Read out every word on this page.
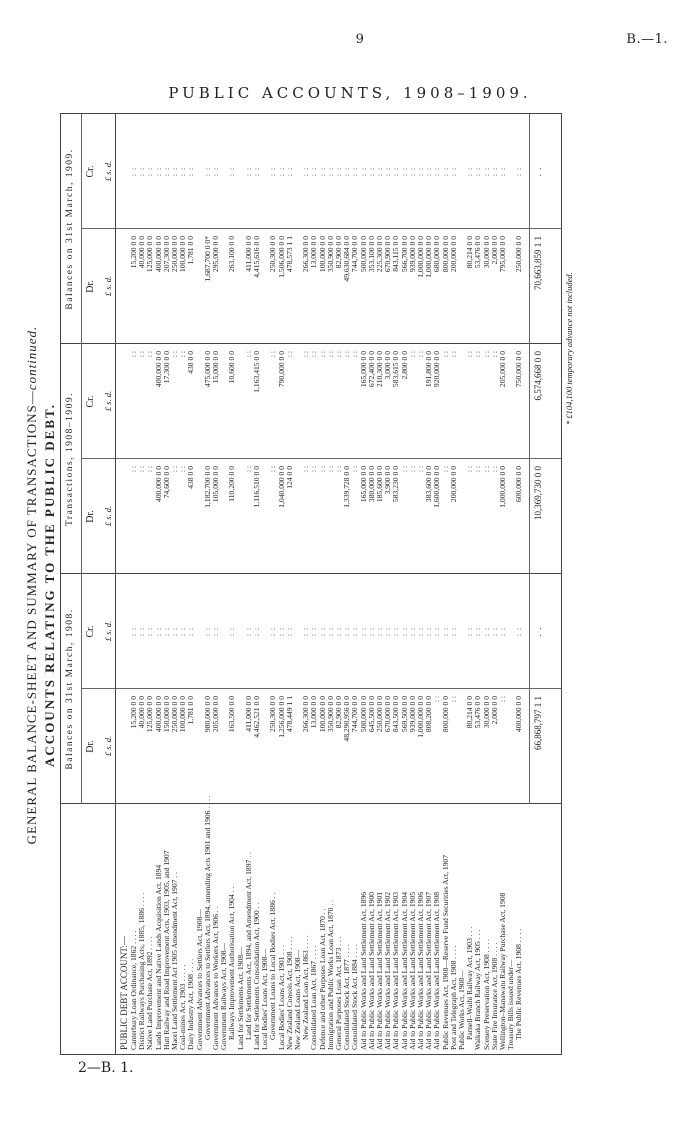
9	B.—1.
PUBLIC ACCOUNTS, 1908–1909.
2—B. 1.
GENERAL BALANCE-SHEET AND SUMMARY OF TRANSACTIONS—continued.
ACCOUNTS RELATING TO THE PUBLIC DEBT. Balances on 31st March, 1908.
Transactions, 1908–1909.
Balances on 31st March, 1909.
Dr.
Cr.
Dr.
Cr.
Dr.
Cr.
£ s. d.
£ s. d.
£ s. d.
£ s. d.
£ s. d.
£ s. d.
PUBLIC DEBT ACCOUNT:— Canterbury Loan Ordinance, 1862 . . . .
15,200 0 0
: :
: :
: :
15,200 0 0
: :
District Railways Purchasing Acts, 1885, 1886 . . . .
40,000 0 0
: :
: :
: :
40,000 0 0
: :
Native Land Purchase Act, 1892 . . . .
125,000 0 0
: :
: :
: :
125,000 0 0
: :
Lands Improvement and Native Lands Acquisition Act, 1894
400,000 0 0
: :
400,000 0 0
400,000 0 0
400,000 0 0
: :
Hutt Railway and Road Improvement Acts, 1903, 1905, and 1907
150,000 0 0
: :
74,600 0 0
17,300 0 0
207,300 0 0
: :
Maori Land Settlement Act 1905 Amendment Act, 1907 . .
250,000 0 0
: :
: :
: :
250,000 0 0
: :
Coal-mines Act, 1903 . . . . .
100,000 0 0
: :
: :
: :
100,000 0 0
: :
Dairy Industry Act, 1908 . . . .
1,781 0 0
: :
438 0 0
438 0 0
1,781 0 0
: :
Government Advances to Settlers Act, 1908— Government Advances to Settlers Act, 1894, amending Acts 1901 and 1906 . . . .
980,000 0 0
: :
1,182,700 0 0
475,000 0 0
1,687,700 0 0*
: :
Government Advances to Workers Act, 1906 . .
205,000 0 0
: :
105,000 0 0
15,000 0 0
295,000 0 0
: :
Government Railways Act, 1908— Railways Improvement Authorisation Act, 1904 . .
163,500 0 0
: :
110,200 0 0
10,600 0 0
263,100 0 0
: :
Land for Settlements Act, 1908— Land for Settlements Act, 1894, and Amendment Act, 1897 . .
411,000 0 0
: :
: :
: :
411,000 0 0
: :
Land for Settlements Consolidation Act, 1900 . .
4,462,521 0 0
: :
1,116,510 0 0
1,163,415 0 0
4,415,616 0 0
: :
Local Bodies' Loans Act, 1908— Government Loans to Local Bodies Act, 1886 . .
250,300 0 0
: :
: :
: :
250,300 0 0
: :
Local Bodies' Loans Act, 1901 . . .
1,256,000 0 0
: :
1,040,000 0 0
790,000 0 0
1,506,000 0 0
: :
New Zealand Consols Act, 1908 . . . .
478,449 1 1
: :
124 0 0
: :
478,573 1 1
: :
New Zealand Loans Act, 1908— New Zealand Loan Act, 1863 . . . .
266,300 0 0
: :
: :
: :
266,300 0 0
: :
Consolidated Loan Act, 1867 . . . .
13,000 0 0
: :
: :
: :
13,000 0 0
: :
Defence and other Purposes Loan Act, 1870 . .
100,000 0 0
: :
: :
: :
100,000 0 0
: :
Immigration and Public Works Loan Act, 1870 . .
350,900 0 0
: :
: :
: :
350,900 0 0
: :
General Purposes Loan Act, 1873 . . .
82,900 0 0
: :
: :
: :
82,900 0 0
: :
Consolidated Stock Act, 1877 . . . .
48,290,956 0 0
: :
1,339,728 0 0
: :
49,630,684 0 0
: :
Consolidated Stock Act, 1884 . . . .
744,700 0 0
: :
: :
: :
744,700 0 0
: :
Aid to Public Works and Land Settlement Act, 1896
500,000 0 0
: :
165,000 0 0
165,000 0 0
500,000 0 0
: :
Aid to Public Works and Land Settlement Act, 1900
645,500 0 0
: :
380,000 0 0
672,400 0 0
353,100 0 0
: :
Aid to Public Works and Land Settlement Act, 1901
250,000 0 0
: :
185,600 0 0
210,300 0 0
225,300 0 0
: :
Aid to Public Works and Land Settlement Act, 1902
670,000 0 0
: :
3,900 0 0
3,000 0 0
670,900 0 0
: :
Aid to Public Works and Land Settlement Act, 1903
843,500 0 0
: :
583,230 0 0
583,615 0 0
843,115 0 0
: :
Aid to Public Works and Land Settlement Act, 1904
569,500 0 0
: :
: :
2,800 0 0
566,700 0 0
: :
Aid to Public Works and Land Settlement Act, 1905
939,000 0 0
: :
: :
: :
939,000 0 0
: :
Aid to Public Works and Land Settlement Act, 1906
1,000,000 0 0
: :
: :
: :
1,000,000 0 0
: :
Aid to Public Works and Land Settlement Act, 1907
808,200 0 0
: :
383,600 0 0
191,800 0 0
1,000,000 0 0
: :
Aid to Public Works and Land Settlement Act, 1908
: :
: :
1,600,000 0 0
920,000 0 0
680,000 0 0
: :
Public Revenues Act, 1908—Reserve Fund Securities Act, 1907
800,000 0 0
: :
: :
: :
800,000 0 0
: :
Post and Telegraph Act, 1908 . . . .
: :
: :
200,000 0 0
: :
200,000 0 0
: :
Public Works Act, 1908— Parnell–Waihi Railway Act, 1903 . . .
80,214 0 0
: :
: :
: :
80,214 0 0
: :
Waikaka Branch Railway Act, 1905 . . .
53,476 0 0
: :
: :
: :
53,476 0 0
: :
Scenery Preservation Act, 1908 . . . .
30,000 0 0
: :
: :
: :
30,000 0 0
: :
State Fire Insurance Act, 1908 . . . .
2,000 0 0
: :
: :
: :
2,000 0 0
: :
Wellington–Manawatu Railway Purchase Act, 1908
: :
: :
1,000,000 0 0
205,000 0 0
795,000 0 0
: :
Treasury Bills issued under— The Public Revenues Act, 1908 . . . .
400,000 0 0
: :
600,000 0 0
750,000 0 0
250,000 0 0
: :
66,868,797 1 1
. .
10,369,730 0 0
6,574,668 0 0
70,663,859 1 1
. .
* £104,100 temporary advance not included.
